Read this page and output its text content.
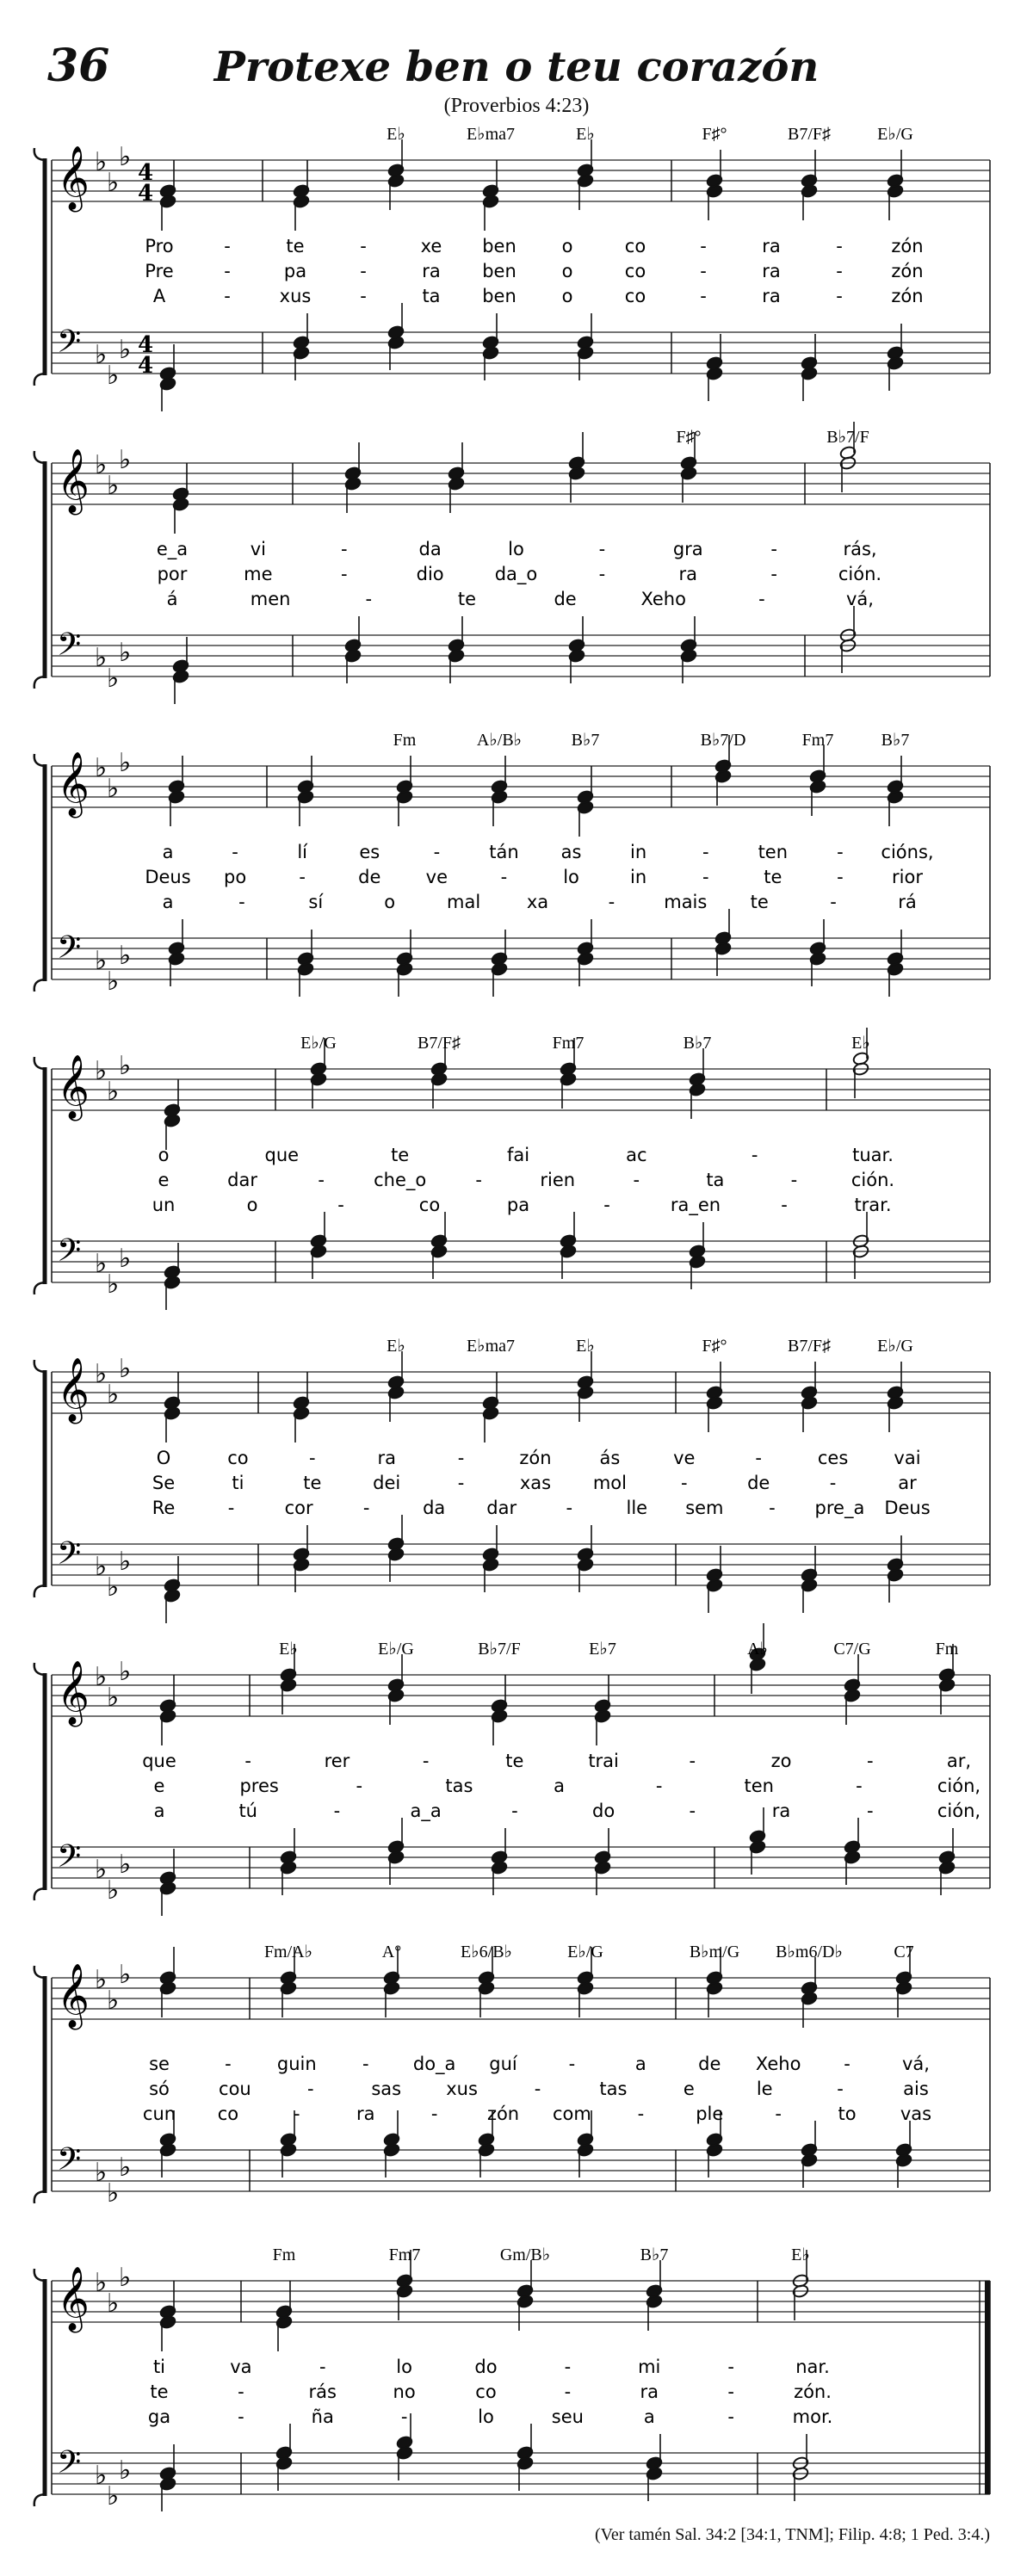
36	Protexe ben o teu corazón
(Proverbios 4:23)
𝄞 ♭
♭
♭
4
4
𝄢 ♭
♭
♭ 4
4
E♭	E♭ma7	E♭	F♯°	B7/F♯	E♭/G
Pro	-	te	-	xe ben	o	co	-	ra	-	zón
Pre	-	pa	-	ra ben	o	co	-	ra	-	zón
A	-	xus	-	ta ben	o	co	-	ra	-	zón
𝄞 ♭
♭
♭
𝄢 ♭
♭
♭
F♯°	B♭7/F
e_a	vi	-	da	lo	-	gra	-	rás,
por	me	-	dio	da_o	-	ra	-	ción.
á	men	-	te	de	Xeho	-	vá,
𝄞 ♭
♭
♭
𝄢 ♭
♭
♭
Fm	A♭/B♭	B♭7	B♭7/D	Fm7	B♭7
a	-	lí	es	-	tán as	in	-	ten	- ciόns,
Deus po	-	de ve	-	lo	in	-	te	-	rior
a	-	sí	o	mal	xa	-	mais te	-	rá
𝄞 ♭
♭
♭
𝄢 ♭
♭
♭
E♭/G	B7/F♯	Fm7	B♭7	E♭
o	que	te	fai	ac	-	tuar.
e	dar	-	che_o	-	rien	-	ta	-	ción.
un	o	-	co	pa	-	ra_en	-	trar.
𝄞 ♭
♭
♭
𝄢 ♭
♭
♭
E♭	E♭ma7	E♭	F♯°	B7/F♯	E♭/G
O	co	-	ra	-	zón	ás	ve	-	ces	vai
Se	ti	te	dei	-	xas mol	-	de	-	ar
Re	-	cor	-	da dar	-	lle sem	- pre_a Deus
𝄞 ♭
♭
♭
𝄢 ♭
♭
♭
E♭	E♭/G	B♭7/F	E♭7	A♭	C7/G	Fm
que	-	rer	-	te	trai	-	zo	-	ar,
e	pres	-	tas	a	-	ten	-	ción,
a	tú	-	a_a	-	do	-	ra	-	ción,
𝄞 ♭
♭
♭
𝄢 ♭
♭
♭
Fm/A♭	A°	E♭6/B♭	E♭/G	B♭m/G B♭m6/D♭	C7
se	-	guin	- do_a guí	-	a	de Xeho -	vá,
só	cou	-	sas xus	-	tas	e	le	-	ais
cun co	-	ra	-	zón com	-	ple	-	to vas
𝄞 ♭
♭
♭
𝄢 ♭
♭
♭
Fm	Fm7	Gm/B♭	B♭7	E♭
ti	va	-	lo	do	-	mi	-	nar.
te	-	rás	no	co	-	ra	-	zón.
ga	-	ña	-	lo	seu	a	-	mor.
(Ver tamén Sal. 34:2 [34:1, TNM]; Filip. 4:8; 1 Ped. 3:4.)
